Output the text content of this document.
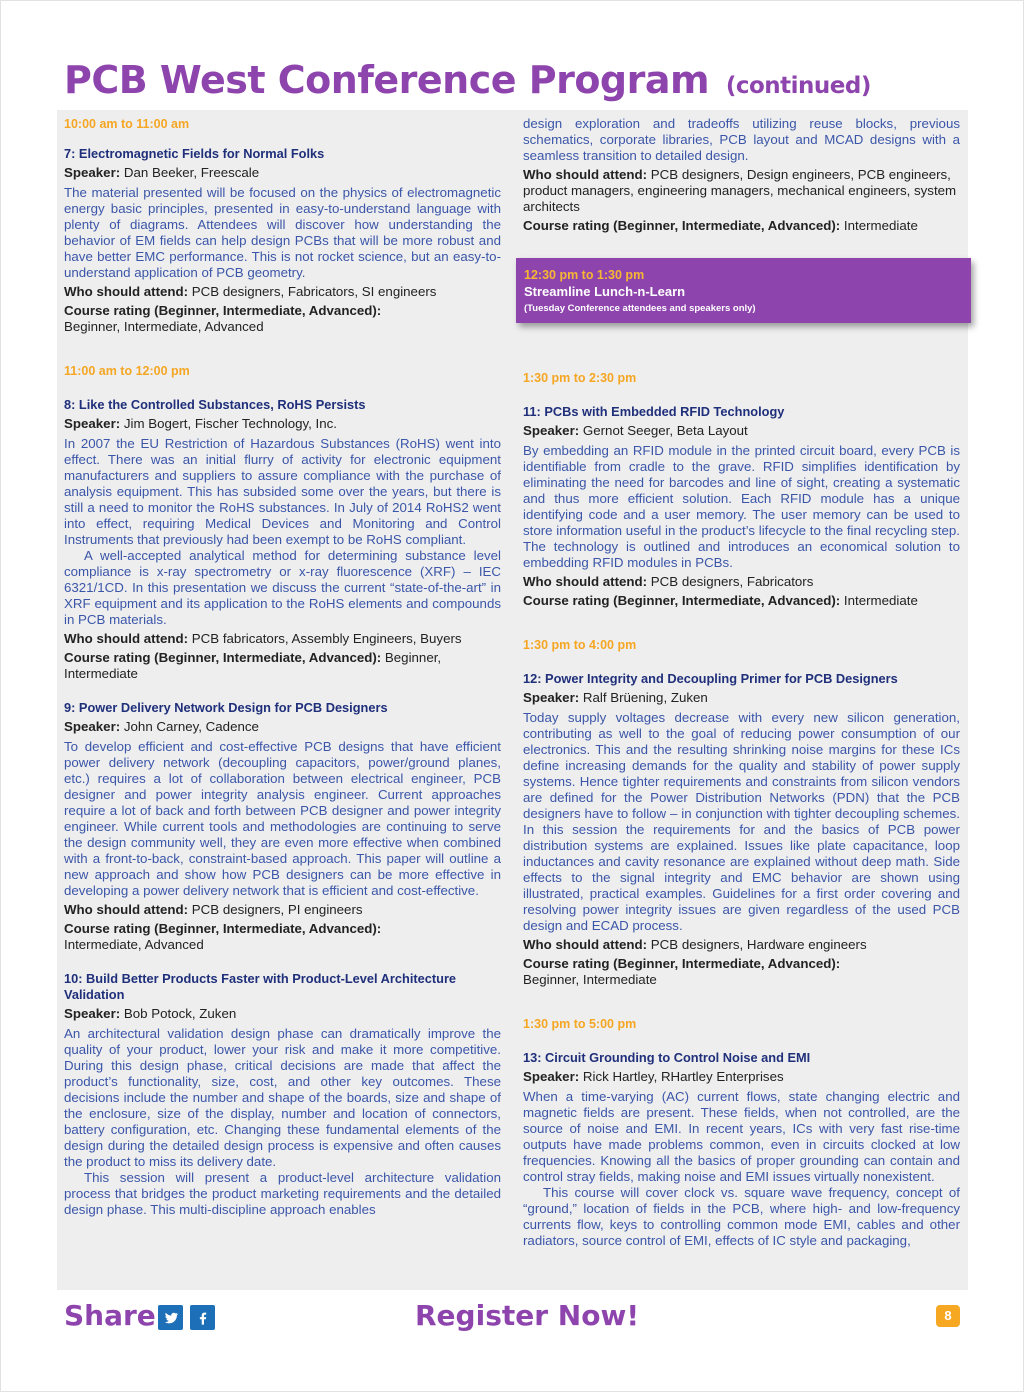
PCB West Conference Program (continued)

10:00 am to 11:00 am

7: Electromagnetic Fields for Normal Folks

Speaker: Dan Beeker, Freescale

The material presented will be focused on the physics of electromagnetic energy basic principles, presented in easy-to-understand language with plenty of diagrams. Attendees will discover how understanding the behavior of EM fields can help design PCBs that will be more robust and have better EMC performance. This is not rocket science, but an easy-to-understand application of PCB geometry.

Who should attend: PCB designers, Fabricators, SI engineers

Course rating (Beginner, Intermediate, Advanced):
Beginner, Intermediate, Advanced

11:00 am to 12:00 pm

8: Like the Controlled Substances, RoHS Persists

Speaker: Jim Bogert, Fischer Technology, Inc.

In 2007 the EU Restriction of Hazardous Substances (RoHS) went into effect. There was an initial flurry of activity for electronic equipment manufacturers and suppliers to assure compliance with the purchase of analysis equipment. This has subsided some over the years, but there is still a need to monitor the RoHS substances. In July of 2014 RoHS2 went into effect, requiring Medical Devices and Monitoring and Control Instruments that previously had been exempt to be RoHS compliant.

A well-accepted analytical method for determining substance level compliance is x-ray spectrometry or x-ray fluorescence (XRF) – IEC 6321/1CD. In this presentation we discuss the current “state-of-the-art” in XRF equipment and its application to the RoHS elements and compounds in PCB materials.

Who should attend: PCB fabricators, Assembly Engineers, Buyers

Course rating (Beginner, Intermediate, Advanced): Beginner, Intermediate

9: Power Delivery Network Design for PCB Designers

Speaker: John Carney, Cadence

To develop efficient and cost-effective PCB designs that have efficient power delivery network (decoupling capacitors, power/ground planes, etc.) requires a lot of collaboration between electrical engineer, PCB designer and power integrity analysis engineer. Current approaches require a lot of back and forth between PCB designer and power integrity engineer. While current tools and methodologies are continuing to serve the design community well, they are even more effective when combined with a front-to-back, constraint-based approach. This paper will outline a new approach and show how PCB designers can be more effective in developing a power delivery network that is efficient and cost-effective.

Who should attend: PCB designers, PI engineers

Course rating (Beginner, Intermediate, Advanced):
Intermediate, Advanced

10: Build Better Products Faster with Product-Level Architecture Validation

Speaker: Bob Potock, Zuken

An architectural validation design phase can dramatically improve the quality of your product, lower your risk and make it more competitive. During this design phase, critical decisions are made that affect the product’s functionality, size, cost, and other key outcomes. These decisions include the number and shape of the boards, size and shape of the enclosure, size of the display, number and location of connectors, battery configuration, etc. Changing these fundamental elements of the design during the detailed design process is expensive and often causes the product to miss its delivery date.

This session will present a product-level architecture validation process that bridges the product marketing requirements and the detailed design phase. This multi-discipline approach enables

design exploration and tradeoffs utilizing reuse blocks, previous schematics, corporate libraries, PCB layout and MCAD designs with a seamless transition to detailed design.

Who should attend: PCB designers, Design engineers, PCB engineers, product managers, engineering managers, mechanical engineers, system architects

Course rating (Beginner, Intermediate, Advanced): Intermediate

1:30 pm to 2:30 pm

11: PCBs with Embedded RFID Technology

Speaker: Gernot Seeger, Beta Layout

By embedding an RFID module in the printed circuit board, every PCB is identifiable from cradle to the grave. RFID simplifies identification by eliminating the need for barcodes and line of sight, creating a systematic and thus more efficient solution. Each RFID module has a unique identifying code and a user memory. The user memory can be used to store information useful in the product’s lifecycle to the final recycling step. The technology is outlined and introduces an economical solution to embedding RFID modules in PCBs.

Who should attend: PCB designers, Fabricators

Course rating (Beginner, Intermediate, Advanced): Intermediate

1:30 pm to 4:00 pm

12: Power Integrity and Decoupling Primer for PCB Designers

Speaker: Ralf Brüening, Zuken

Today supply voltages decrease with every new silicon generation, contributing as well to the goal of reducing power consumption of our electronics. This and the resulting shrinking noise margins for these ICs define increasing demands for the quality and stability of power supply systems. Hence tighter requirements and constraints from silicon vendors are defined for the Power Distribution Networks (PDN) that the PCB designers have to follow – in conjunction with tighter decoupling schemes. In this session the requirements for and the basics of PCB power distribution systems are explained. Issues like plate capacitance, loop inductances and cavity resonance are explained without deep math. Side effects to the signal integrity and EMC behavior are shown using illustrated, practical examples. Guidelines for a first order covering and resolving power integrity issues are given regardless of the used PCB design and ECAD process.

Who should attend: PCB designers, Hardware engineers

Course rating (Beginner, Intermediate, Advanced):
Beginner, Intermediate

1:30 pm to 5:00 pm

13: Circuit Grounding to Control Noise and EMI

Speaker: Rick Hartley, RHartley Enterprises

When a time-varying (AC) current flows, state changing electric and magnetic fields are present. These fields, when not controlled, are the source of noise and EMI. In recent years, ICs with very fast rise-time outputs have made problems common, even in circuits clocked at low frequencies. Knowing all the basics of proper grounding can contain and control stray fields, making noise and EMI issues virtually nonexistent.

This course will cover clock vs. square wave frequency, concept of “ground,” location of fields in the PCB, where high- and low-frequency currents flow, keys to controlling common mode EMI, cables and other radiators, source control of EMI, effects of IC style and packaging,

12:30 pm to 1:30 pm

Streamline Lunch-n-Learn

(Tuesday Conference attendees and speakers only)

Share	Register Now!	8
